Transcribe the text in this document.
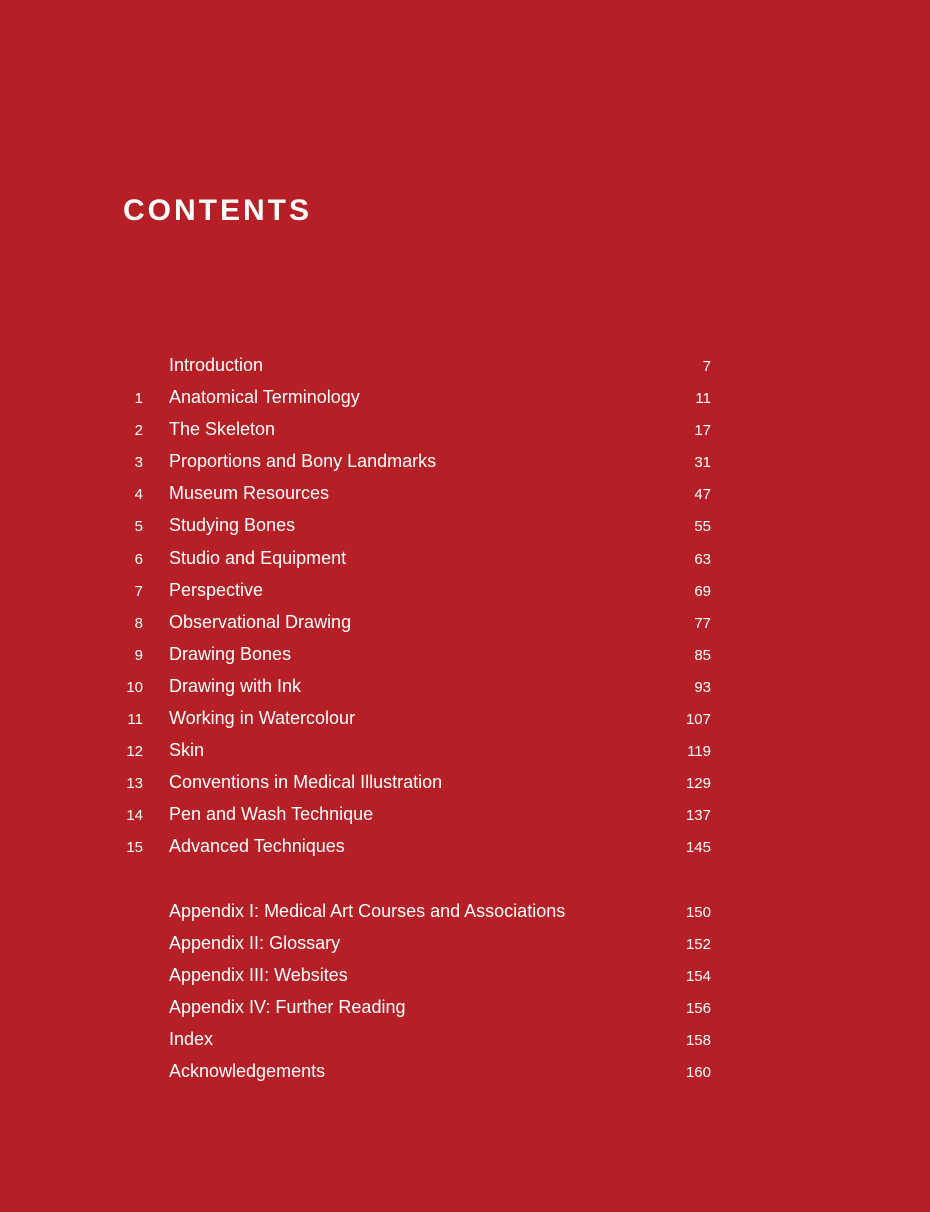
CONTENTS
Introduction	7
1 Anatomical Terminology	11
2 The Skeleton	17
3 Proportions and Bony Landmarks	31
4 Museum Resources	47
5 Studying Bones	55
6 Studio and Equipment	63
7 Perspective	69
8 Observational Drawing	77
9 Drawing Bones	85
10 Drawing with Ink	93
11 Working in Watercolour	107
12 Skin	119
13 Conventions in Medical Illustration	129
14 Pen and Wash Technique	137
15 Advanced Techniques	145
Appendix I: Medical Art Courses and Associations	150
Appendix II: Glossary	152
Appendix III: Websites	154
Appendix IV: Further Reading	156
Index	158
Acknowledgements	160
